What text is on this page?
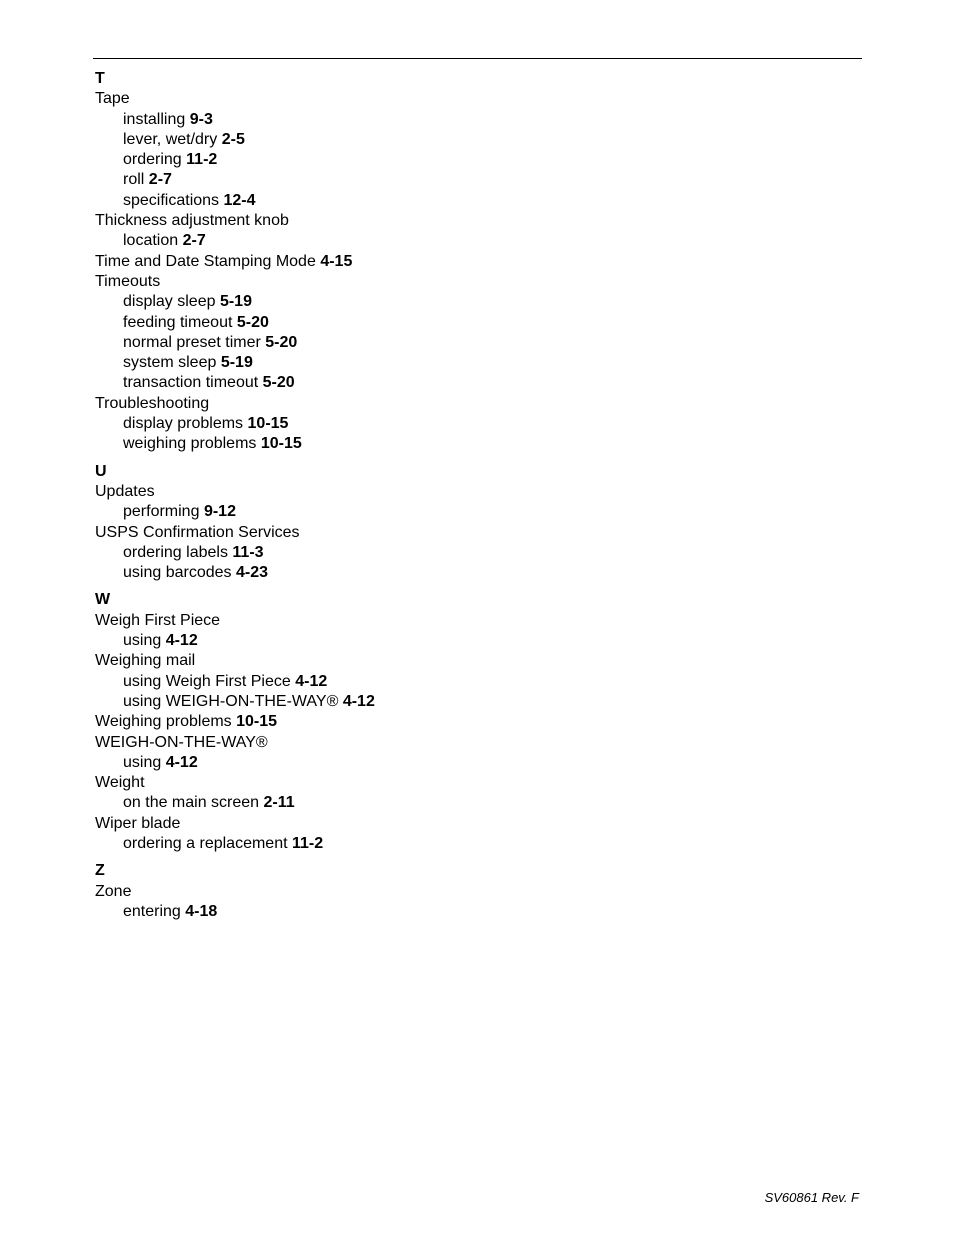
T
Tape
installing 9-3
lever, wet/dry 2-5
ordering 11-2
roll 2-7
specifications 12-4
Thickness adjustment knob
location 2-7
Time and Date Stamping Mode 4-15
Timeouts
display sleep 5-19
feeding timeout 5-20
normal preset timer 5-20
system sleep 5-19
transaction timeout 5-20
Troubleshooting
display problems 10-15
weighing problems 10-15
U
Updates
performing 9-12
USPS Confirmation Services
ordering labels 11-3
using barcodes 4-23
W
Weigh First Piece
using 4-12
Weighing mail
using Weigh First Piece 4-12
using WEIGH-ON-THE-WAY® 4-12
Weighing problems 10-15
WEIGH-ON-THE-WAY®
using 4-12
Weight
on the main screen 2-11
Wiper blade
ordering a replacement 11-2
Z
Zone
entering 4-18
SV60861 Rev. F
